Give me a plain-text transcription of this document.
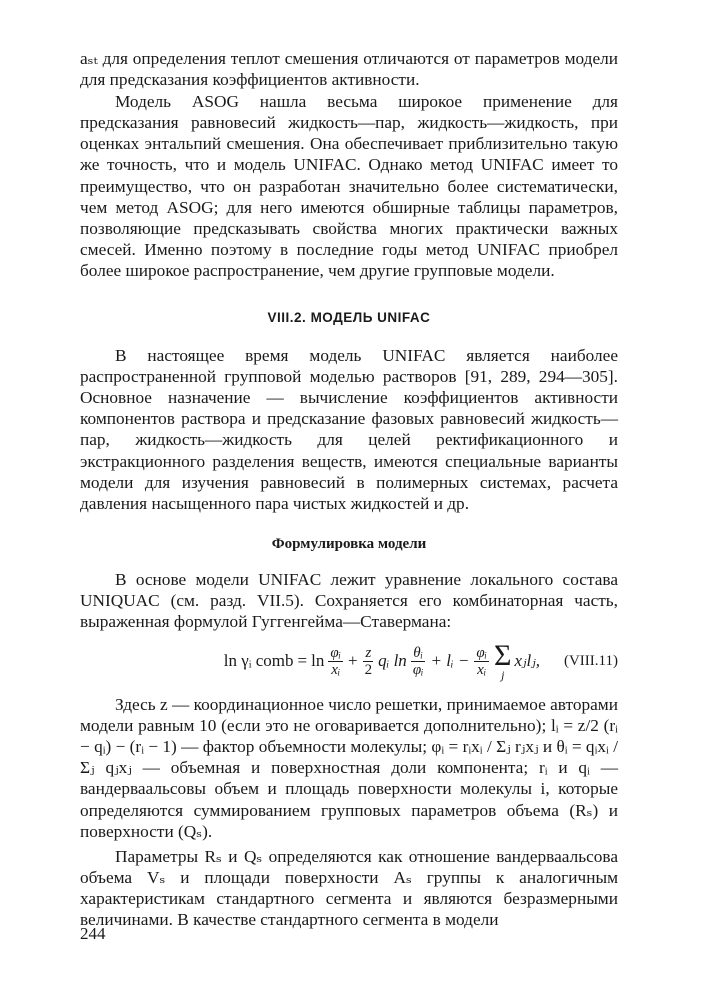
aₛₜ для определения теплот смешения отличаются от параметров модели для предсказания коэффициентов активности.

Модель ASOG нашла весьма широкое применение для предсказания равновесий жидкость—пар, жидкость—жидкость, при оценках энтальпий смешения. Она обеспечивает приблизительно такую же точность, что и модель UNIFAC. Однако метод UNIFAC имеет то преимущество, что он разработан значительно более систематически, чем метод ASOG; для него имеются обширные таблицы параметров, позволяющие предсказывать свойства многих практически важных смесей. Именно поэтому в последние годы метод UNIFAC приобрел более широкое распространение, чем другие групповые модели.

VIII.2. МОДЕЛЬ UNIFAC

В настоящее время модель UNIFAC является наиболее распространенной групповой моделью растворов [91, 289, 294—305]. Основное назначение — вычисление коэффициентов активности компонентов раствора и предсказание фазовых равновесий жидкость—пар, жидкость—жидкость для целей ректификационного и экстракционного разделения веществ, имеются специальные варианты модели для изучения равновесий в полимерных системах, расчета давления насыщенного пара чистых жидкостей и др.

Формулировка модели

В основе модели UNIFAC лежит уравнение локального состава UNIQUAC (см. разд. VII.5). Сохраняется его комбинаторная часть, выраженная формулой Гуггенгейма—Ставермана:

ln γᵢ comb = $\ln \frac{\text{φᵢ}}{\text{xᵢ}} + \frac{z}{2}$ qᵢ $\ln \frac{\text{θᵢ}}{\text{φᵢ}}$ + lᵢ − $\frac{\text{φᵢ}}{\text{xᵢ}}$ Σ
j
xⱼlⱼ, (VIII.11)

Здесь z — координационное число решетки, принимаемое авторами модели равным 10 (если это не оговаривается дополнительно); lᵢ = z/2 (rᵢ − qᵢ) − (rᵢ − 1) — фактор объемности молекулы; φᵢ = rᵢxᵢ / Σⱼ rⱼxⱼ и θᵢ = qᵢxᵢ / Σⱼ qⱼxⱼ — объемная и поверхностная доли компонента; rᵢ и qᵢ — вандерваальсовы объем и площадь поверхности молекулы i, которые определяются суммированием групповых параметров объема (Rₛ) и поверхности (Qₛ).

Параметры Rₛ и Qₛ определяются как отношение вандерваальсова объема Vₛ и площади поверхности Aₛ группы к аналогичным характеристикам стандартного сегмента и являются безразмерными величинами. В качестве стандартного сегмента в модели

244
